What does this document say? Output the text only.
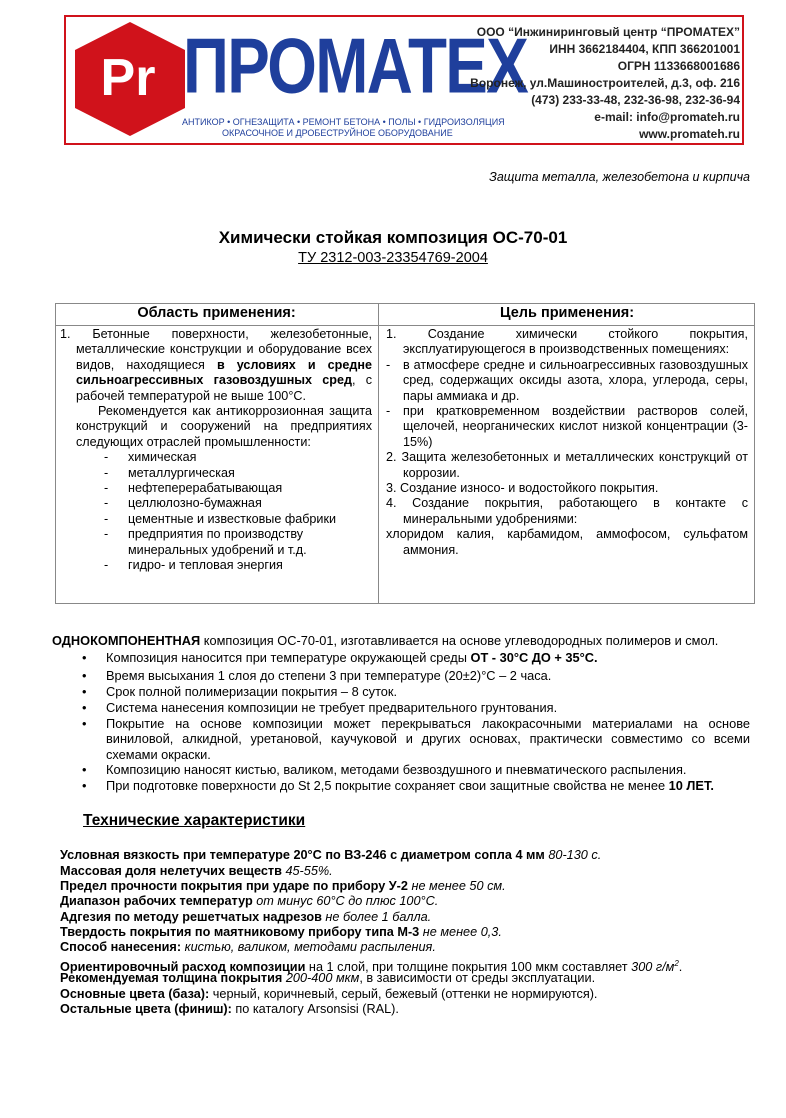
Pr ПРОМАТЕХ
АНТИКОР • ОГНЕЗАЩИТА • РЕМОНТ БЕТОНА • ПОЛЫ • ГИДРОИЗОЛЯЦИЯ
ОКРАСОЧНОЕ И ДРОБЕСТРУЙНОЕ ОБОРУДОВАНИЕ
ООО “Инжиниринговый центр “ПРОМАТЕХ”
ИНН 3662184404, КПП 366201001
ОГРН 1133668001686
Воронеж, ул.Машиностроителей, д.3, оф. 216
(473) 233-33-48, 232-36-98, 232-36-94
e-mail: info@promateh.ru
www.promateh.ru
Защита металла, железобетона и кирпича
Химически стойкая композиция ОС-70-01
ТУ 2312-003-23354769-2004
Область применения:	Цель применения:

1. Бетонные поверхности, железобетонные, металлические конструкции и оборудование всех видов, находящиеся в условиях и средне сильноагрессивных газовоздушных сред, с рабочей температурой не выше 100°С.

Рекомендуется как антикоррозионная защита конструкций и сооружений на предприятиях следующих отраслей промышленности:

- химическая
- металлургическая
- нефтеперерабатывающая
- целлюлозно-бумажная
- цементные и известковые фабрики
- предприятия по производству минеральных удобрений и т.д.
- гидро- и тепловая энергия

1. Создание химически стойкого покрытия, эксплуатирующегося в производственных помещениях:

- в атмосфере средне и сильноагрессивных газовоздушных сред, содержащих оксиды азота, хлора, углерода, серы, пары аммиака и др.

- при кратковременном воздействии растворов солей, щелочей, неорганических кислот низкой концентрации (3-15%)

2. Защита железобетонных и металлических конструкций от коррозии.

3. Создание износо- и водостойкого покрытия.

4. Создание покрытия, работающего в контакте с минеральными удобрениями:

хлоридом калия, карбамидом, аммофосом, сульфатом аммония.

ОДНОКОМПОНЕНТНАЯ композиция ОС-70-01, изготавливается на основе углеводородных полимеров и смол.
• Композиция наносится при температуре окружающей среды ОТ - 30°С ДО + 35°С.
• Время высыхания 1 слоя до степени 3 при температуре (20±2)°С – 2 часа.
• Срок полной полимеризации покрытия – 8 суток.
• Система нанесения композиции не требует предварительного грунтования.
• Покрытие на основе композиции может перекрываться лакокрасочными материалами на основе виниловой, алкидной, уретановой, каучуковой и других основах, практически совместимо со всеми схемами окраски.
• Композицию наносят кистью, валиком, методами безвоздушного и пневматического распыления.
• При подготовке поверхности до St 2,5 покрытие сохраняет свои защитные свойства не менее 10 ЛЕТ.
Технические характеристики
Условная вязкость при температуре 20°С по ВЗ-246 с диаметром сопла 4 мм 80-130 с.
Массовая доля нелетучих веществ 45-55%.
Предел прочности покрытия при ударе по прибору У-2 не менее 50 см.
Диапазон рабочих температур от минус 60°С до плюс 100°С.
Адгезия по методу решетчатых надрезов не более 1 балла.
Твердость покрытия по маятниковому прибору типа М-3 не менее 0,3.
Способ нанесения: кистью, валиком, методами распыления.
Ориентировочный расход композиции на 1 слой, при толщине покрытия 100 мкм составляет 300 $г/м^2$.
Рекомендуемая толщина покрытия 200-400 мкм, в зависимости от среды эксплуатации.
Основные цвета (база): черный, коричневый, серый, бежевый (оттенки не нормируются).
Остальные цвета (финиш): по каталогу Arsonsisi (RAL).
